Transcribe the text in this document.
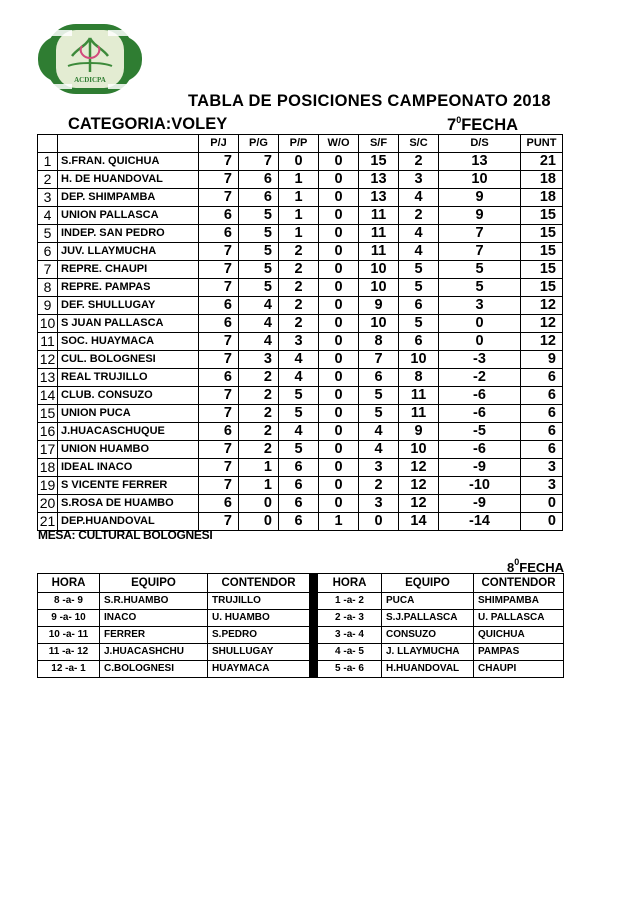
ACDICPA
TABLA DE POSICIONES CAMPEONATO 2018
CATEGORIA:VOLEY	$7^0FECHA$
		P/J	P/G	P/P	W/O	S/F	S/C	D/S	PUNT
1	S.FRAN. QUICHUA	7	7	0	0	15	2	13	21
2	H. DE HUANDOVAL	7	6	1	0	13	3	10	18
3	DEP. SHIMPAMBA	7	6	1	0	13	4	9	18
4	UNION PALLASCA	6	5	1	0	11	2	9	15
5	INDEP. SAN PEDRO	6	5	1	0	11	4	7	15
6	JUV. LLAYMUCHA	7	5	2	0	11	4	7	15
7	REPRE. CHAUPI	7	5	2	0	10	5	5	15
8	REPRE. PAMPAS	7	5	2	0	10	5	5	15
9	DEF. SHULLUGAY	6	4	2	0	9	6	3	12
10	S JUAN PALLASCA	6	4	2	0	10	5	0	12
11	SOC. HUAYMACA	7	4	3	0	8	6	0	12
12	CUL. BOLOGNESI	7	3	4	0	7	10	-3	9
13	REAL TRUJILLO	6	2	4	0	6	8	-2	6
14	CLUB. CONSUZO	7	2	5	0	5	11	-6	6
15	UNION PUCA	7	2	5	0	5	11	-6	6
16	J.HUACASCHUQUE	6	2	4	0	4	9	-5	6
17	UNION HUAMBO	7	2	5	0	4	10	-6	6
18	IDEAL INACO	7	1	6	0	3	12	-9	3
19	S VICENTE FERRER	7	1	6	0	2	12	-10	3
20	S.ROSA DE HUAMBO	6	0	6	0	3	12	-9	0
21	DEP.HUANDOVAL	7	0	6	1	0	14	-14	0
MESA: CULTURAL BOLOGNESI
$8^0FECHA$
HORA	EQUIPO	CONTENDOR		HORA	EQUIPO	CONTENDOR
8 -a- 9	S.R.HUAMBO	TRUJILLO		1 -a- 2	PUCA	SHIMPAMBA
9 -a- 10	INACO	U. HUAMBO		2 -a- 3	S.J.PALLASCA	U. PALLASCA
10 -a- 11	FERRER	S.PEDRO		3 -a- 4	CONSUZO	QUICHUA
11 -a- 12	J.HUACASHCHU	SHULLUGAY		4 -a- 5	J. LLAYMUCHA	PAMPAS
12 -a- 1	C.BOLOGNESI	HUAYMACA		5 -a- 6	H.HUANDOVAL	CHAUPI
